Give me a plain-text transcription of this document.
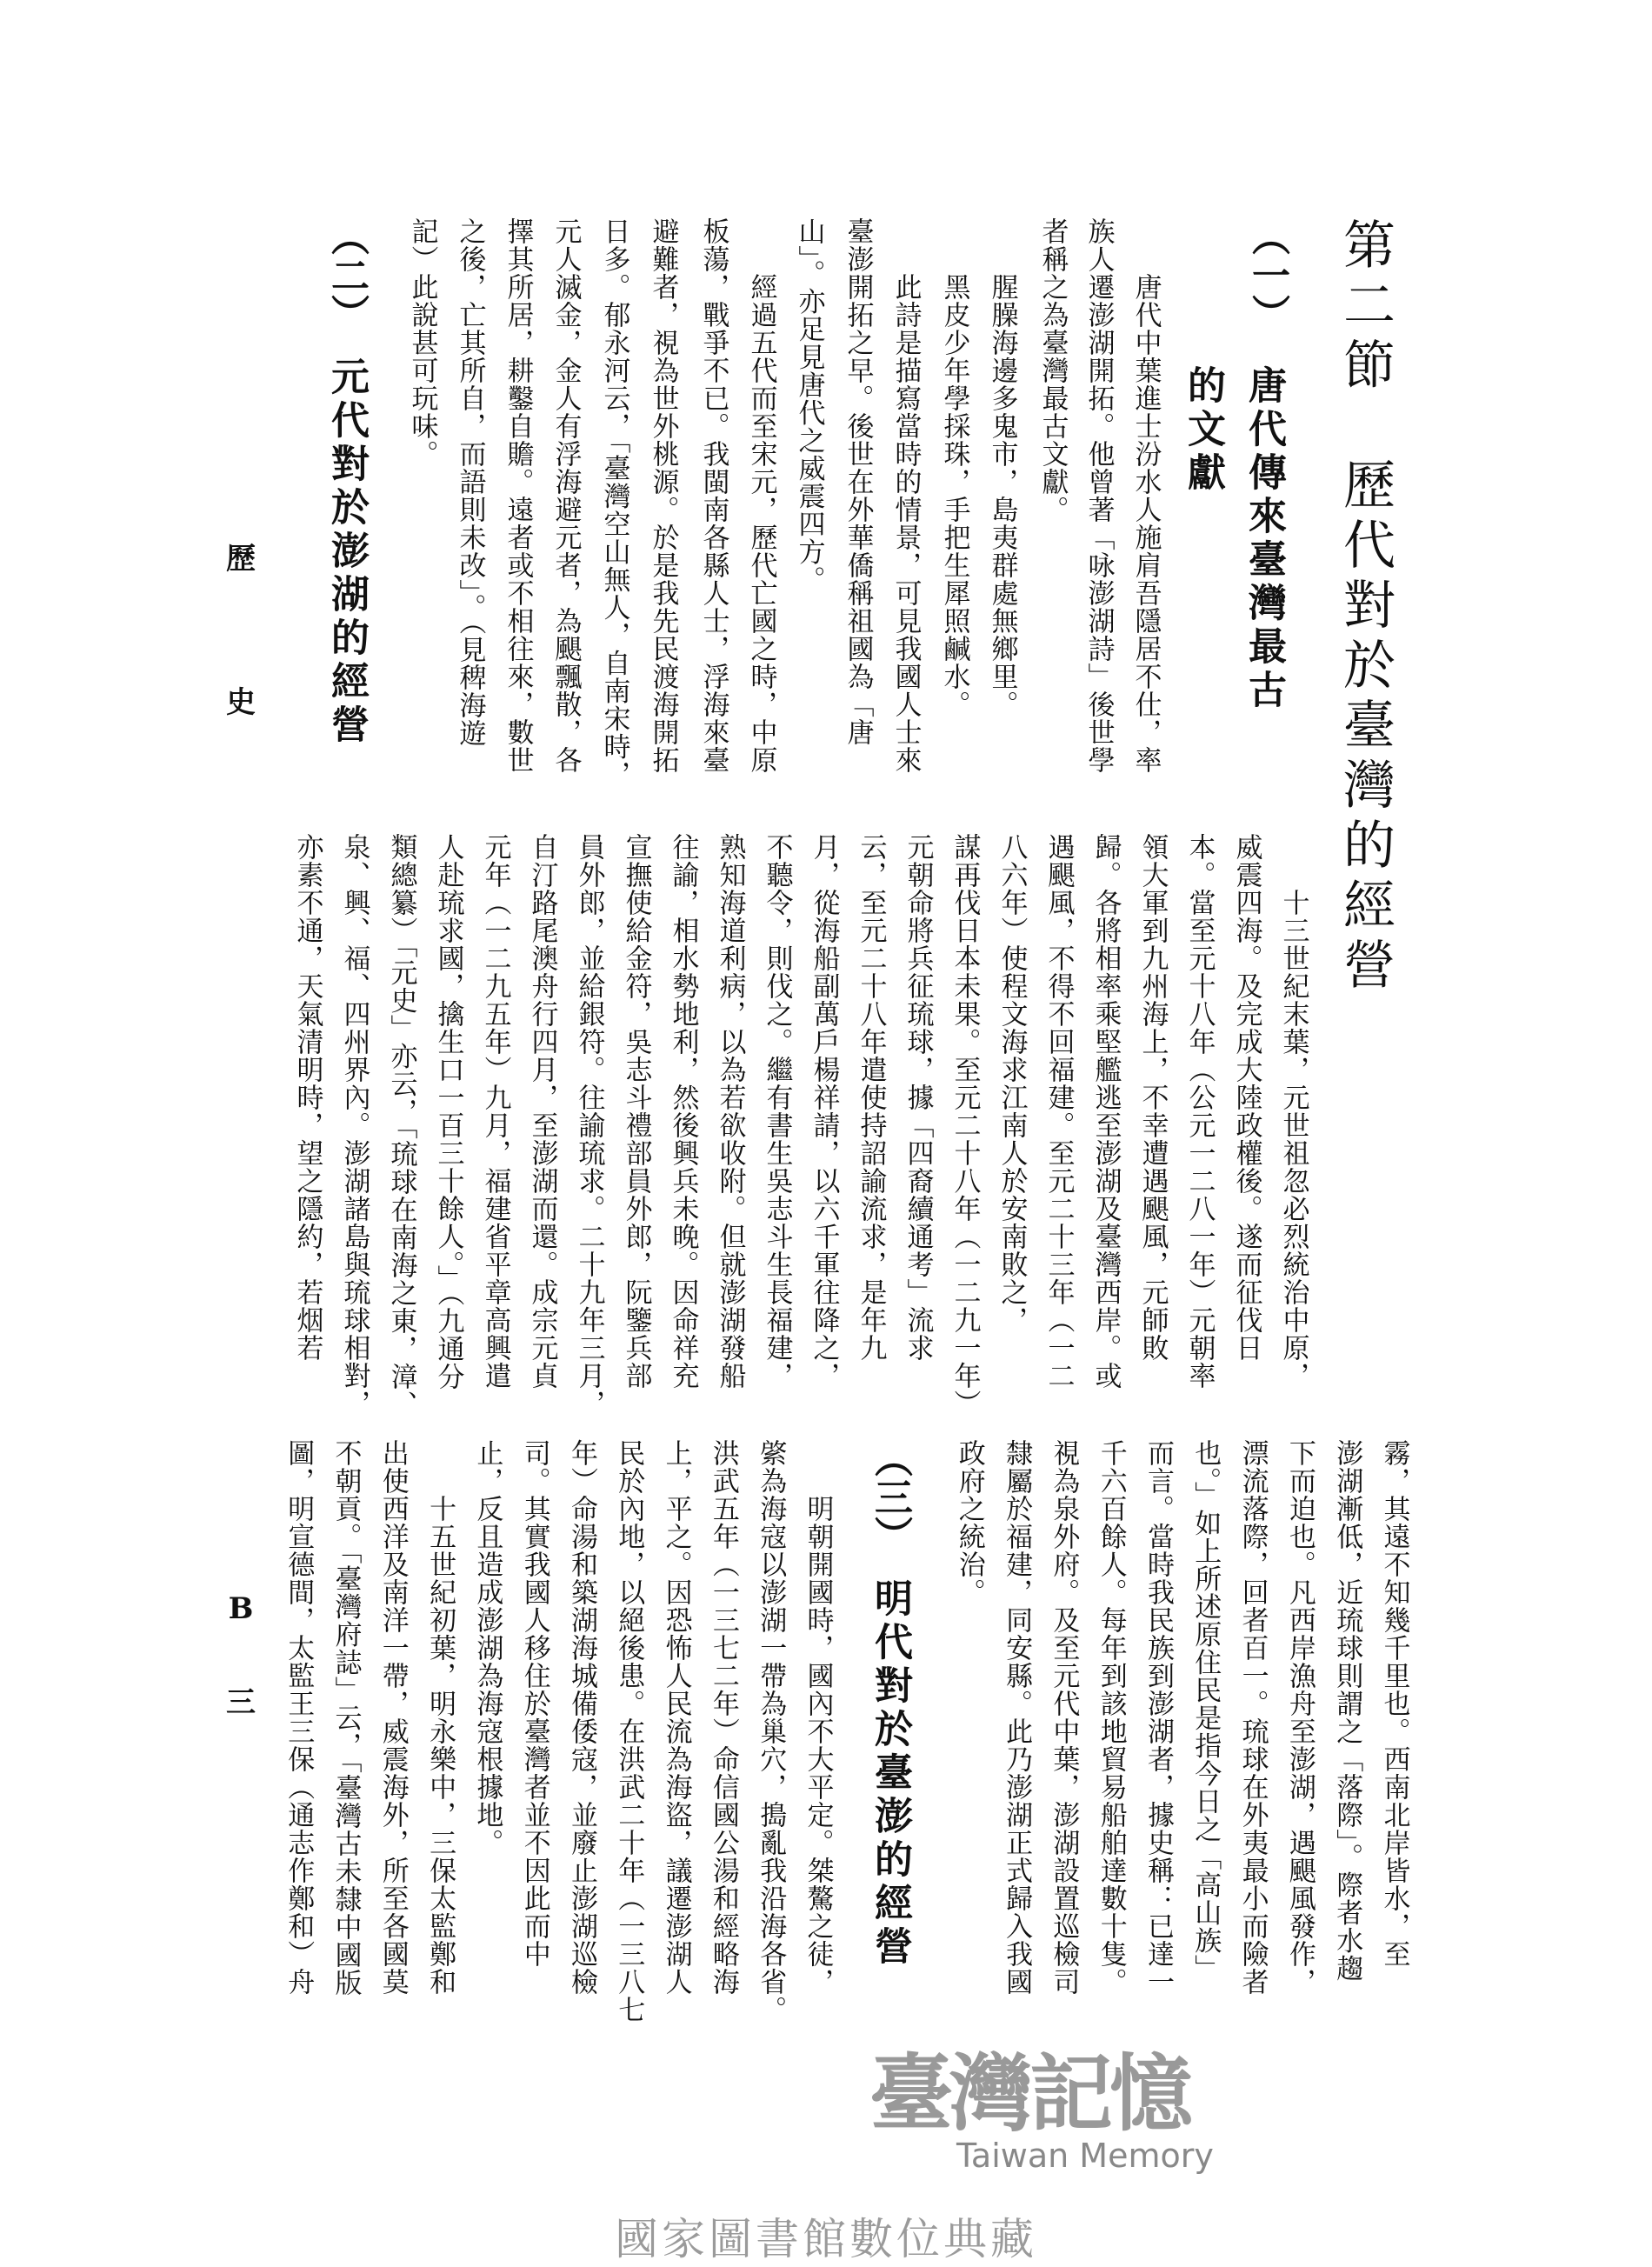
（一）
唐代傳來臺灣最古
的文獻
唐代中葉進士汾水人施肩吾隱居不仕，率
族人遷澎湖開拓。他曾著「咏澎湖詩」後世學
者稱之為臺灣最古文獻。
腥臊海邊多鬼市，島夷群處無鄉里。
黑皮少年學採珠，手把生犀照鹹水。
此詩是描寫當時的情景，可見我國人士來
臺澎開拓之早。後世在外華僑稱祖國為「唐
山」。亦足見唐代之威震四方。
經過五代而至宋元，歷代亡國之時，中原
板蕩，戰爭不已。我閩南各縣人士，浮海來臺
避難者，視為世外桃源。於是我先民渡海開拓
日多。郁永河云，「臺灣空山無人，自南宋時，
元人滅金，金人有浮海避元者，為颶飄散，各
擇其所居，耕鑿自贍。遠者或不相往來，數世
之後，亡其所自，而語則未改」。（見稗海遊
記）此說甚可玩味。
（二）
元代對於澎湖的經營
十三世紀末葉，元世祖忽必烈統治中原，
威震四海。及完成大陸政權後。遂而征伐日
本。當至元十八年（公元一二八一年）元朝率
領大軍到九州海上，不幸遭遇颶風，元師敗
歸。各將相率乘堅艦逃至澎湖及臺灣西岸。或
遇颶風，不得不回福建。至元二十三年（一二
八六年）使程文海求江南人於安南敗之，
謀再伐日本未果。至元二十八年（一二九一年）
元朝命將兵征琉球，據「四裔續通考」流求
云，至元二十八年遣使持詔諭流求，是年九
月，從海船副萬戶楊祥請，以六千軍往降之，
不聽令，則伐之。繼有書生吳志斗生長福建，
熟知海道利病，以為若欲收附。但就澎湖發船
往諭，相水勢地利，然後興兵未晚。因命祥充
宣撫使給金符，吳志斗禮部員外郎，阮鑒兵部
員外郎，並給銀符。往諭琉求。二十九年三月，
自汀路尾澳舟行四月，至澎湖而還。成宗元貞
元年（一二九五年）九月，福建省平章高興遣
人赴琉求國，擒生口一百三十餘人。」（九通分
類總纂）「元史」亦云，「琉球在南海之東，漳、
泉、興、福、四州界內。澎湖諸島與琉球相對，
亦素不通，天氣清明時，望之隱約，若烟若
霧，其遠不知幾千里也。西南北岸皆水，至
澎湖漸低，近琉球則謂之「落際」。際者水趨
下而迫也。凡西岸漁舟至澎湖，遇颶風發作，
漂流落際，回者百一。琉球在外夷最小而險者
也。」如上所述原住民是指今日之「高山族」
而言。當時我民族到澎湖者，據史稱：已達一
千六百餘人。每年到該地貿易船舶達數十隻。
視為泉外府。及至元代中葉，澎湖設置巡檢司
隸屬於福建，同安縣。此乃澎湖正式歸入我國
政府之統治。
（三）
明代對於臺澎的經營
明朝開國時，國內不大平定。桀驁之徒，
綮為海寇以澎湖一帶為巢穴，搗亂我沿海各省。
洪武五年（一三七二年）命信國公湯和經略海
上，平之。因恐怖人民流為海盜，議遷澎湖人
民於內地，以絕後患。在洪武二十年（一三八七
年）命湯和築湖海城備倭寇，並廢止澎湖巡檢
司。其實我國人移住於臺灣者並不因此而中
止，反且造成澎湖為海寇根據地。
十五世紀初葉，明永樂中，三保太監鄭和
出使西洋及南洋一帶，威震海外，所至各國莫
不朝貢。「臺灣府誌」云，「臺灣古未隸中國版
圖，明宣德間，太監王三保（通志作鄭和）舟
第二節　歷代對於臺灣的經營
歷
史
B
三
臺灣記憶
Taiwan Memory
國家圖書館數位典藏
